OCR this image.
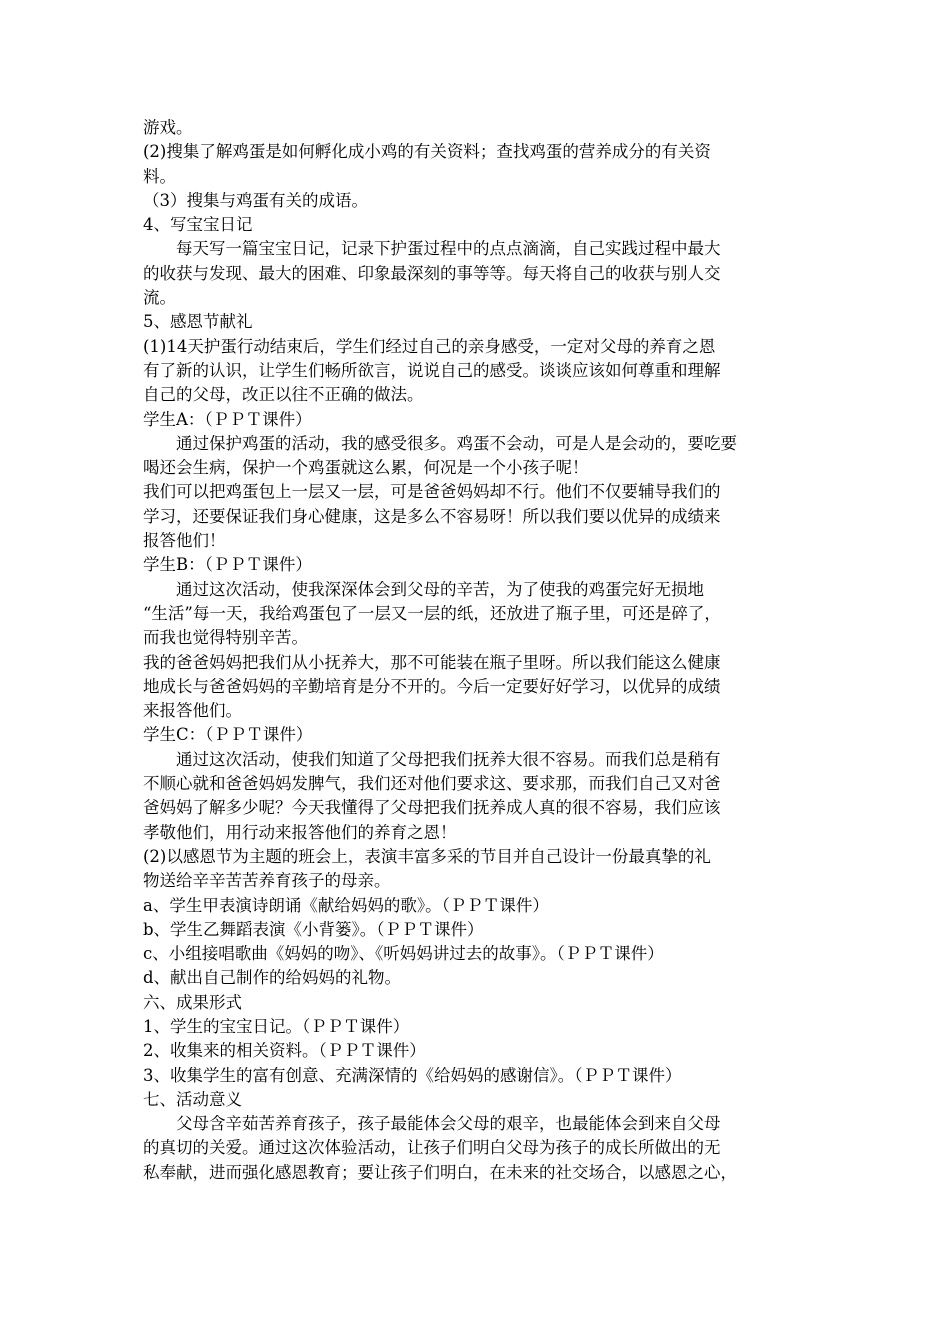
游戏。
(2)搜集了解鸡蛋是如何孵化成小鸡的有关资料；查找鸡蛋的营养成分的有关资
料。
（3）搜集与鸡蛋有关的成语。
4、写宝宝日记
每天写一篇宝宝日记，记录下护蛋过程中的点点滴滴，自己实践过程中最大
的收获与发现、最大的困难、印象最深刻的事等等。每天将自己的收获与别人交
流。
5、感恩节献礼
(1)14天护蛋行动结束后，学生们经过自己的亲身感受，一定对父母的养育之恩
有了新的认识，让学生们畅所欲言，说说自己的感受。谈谈应该如何尊重和理解
自己的父母，改正以往不正确的做法。
学生A：（ＰＰＴ课件）
通过保护鸡蛋的活动，我的感受很多。鸡蛋不会动，可是人是会动的，要吃要
喝还会生病，保护一个鸡蛋就这么累，何况是一个小孩子呢！
我们可以把鸡蛋包上一层又一层，可是爸爸妈妈却不行。他们不仅要辅导我们的
学习，还要保证我们身心健康，这是多么不容易呀！所以我们要以优异的成绩来
报答他们！
学生B：（ＰＰＴ课件）
通过这次活动，使我深深体会到父母的辛苦，为了使我的鸡蛋完好无损地
“生活”每一天，我给鸡蛋包了一层又一层的纸，还放进了瓶子里，可还是碎了，
而我也觉得特别辛苦。
我的爸爸妈妈把我们从小抚养大，那不可能装在瓶子里呀。所以我们能这么健康
地成长与爸爸妈妈的辛勤培育是分不开的。今后一定要好好学习，以优异的成绩
来报答他们。
学生C：（ＰＰＴ课件）
通过这次活动，使我们知道了父母把我们抚养大很不容易。而我们总是稍有
不顺心就和爸爸妈妈发脾气，我们还对他们要求这、要求那，而我们自己又对爸
爸妈妈了解多少呢？今天我懂得了父母把我们抚养成人真的很不容易，我们应该
孝敬他们，用行动来报答他们的养育之恩！
(2)以感恩节为主题的班会上，表演丰富多采的节目并自己设计一份最真挚的礼
物送给辛辛苦苦养育孩子的母亲。
a、学生甲表演诗朗诵《献给妈妈的歌》。（ＰＰＴ课件）
b、学生乙舞蹈表演《小背篓》。（ＰＰＴ课件）
c、小组接唱歌曲《妈妈的吻》、《听妈妈讲过去的故事》。（ＰＰＴ课件）
d、献出自己制作的给妈妈的礼物。
六、成果形式
1、学生的宝宝日记。（ＰＰＴ课件）
2、收集来的相关资料。（ＰＰＴ课件）
3、收集学生的富有创意、充满深情的《给妈妈的感谢信》。（ＰＰＴ课件）
七、活动意义
父母含辛茹苦养育孩子，孩子最能体会父母的艰辛，也最能体会到来自父母
的真切的关爱。通过这次体验活动，让孩子们明白父母为孩子的成长所做出的无
私奉献，进而强化感恩教育；要让孩子们明白，在未来的社交场合，以感恩之心，
